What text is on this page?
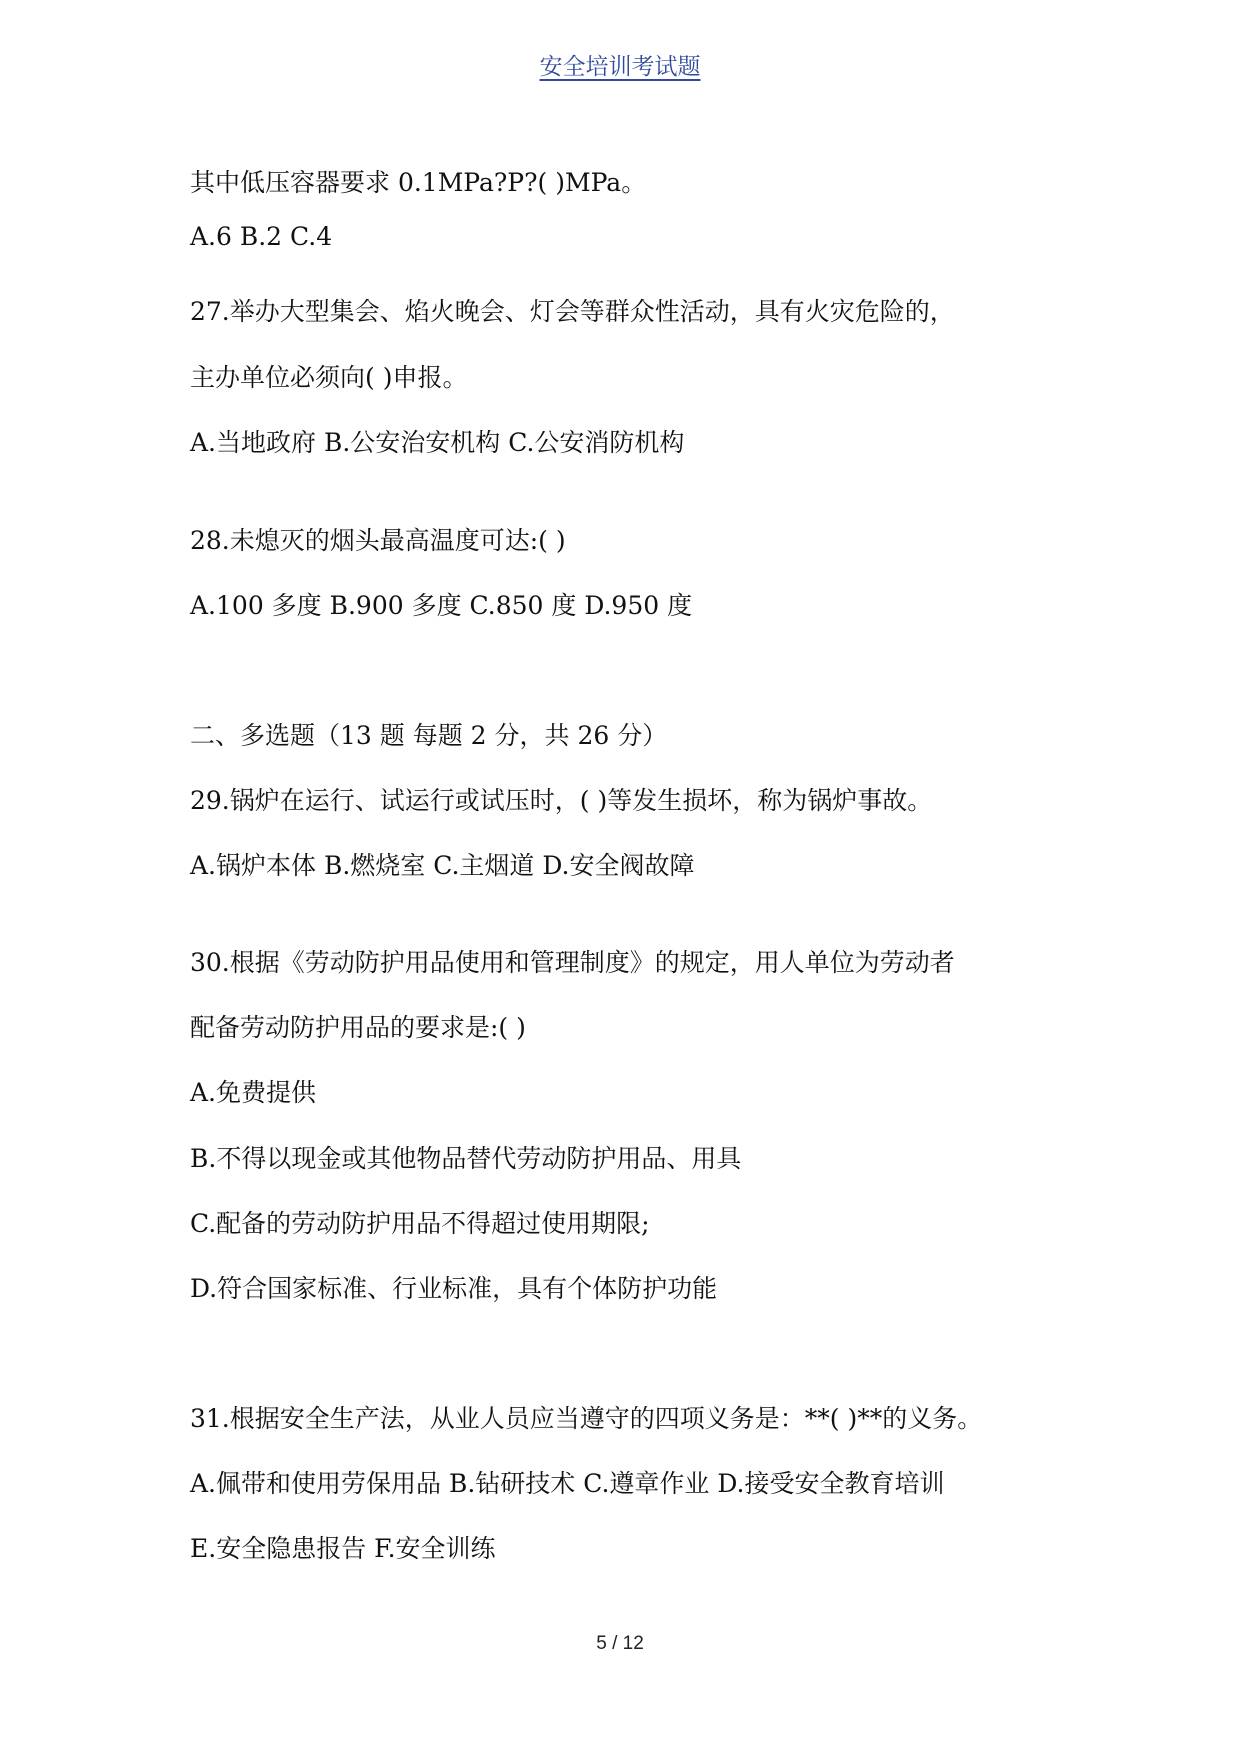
安全培训考试题
其中低压容器要求 0.1MPa?P?( )MPa。
A.6 B.2 C.4
27.举办大型集会、焰火晚会、灯会等群众性活动，具有火灾危险的，
主办单位必须向( )申报。
A.当地政府 B.公安治安机构 C.公安消防机构
28.未熄灭的烟头最高温度可达:( )
A.100 多度 B.900 多度 C.850 度 D.950 度
二、多选题（13 题 每题 2 分，共 26 分）
29.锅炉在运行、试运行或试压时，( )等发生损坏，称为锅炉事故。
A.锅炉本体 B.燃烧室 C.主烟道 D.安全阀故障
30.根据《劳动防护用品使用和管理制度》的规定，用人单位为劳动者
配备劳动防护用品的要求是:( )
A.免费提供
B.不得以现金或其他物品替代劳动防护用品、用具
C.配备的劳动防护用品不得超过使用期限;
D.符合国家标准、行业标准，具有个体防护功能
31.根据安全生产法，从业人员应当遵守的四项义务是：**( )**的义务。
A.佩带和使用劳保用品 B.钻研技术 C.遵章作业 D.接受安全教育培训
E.安全隐患报告 F.安全训练
5 / 12
